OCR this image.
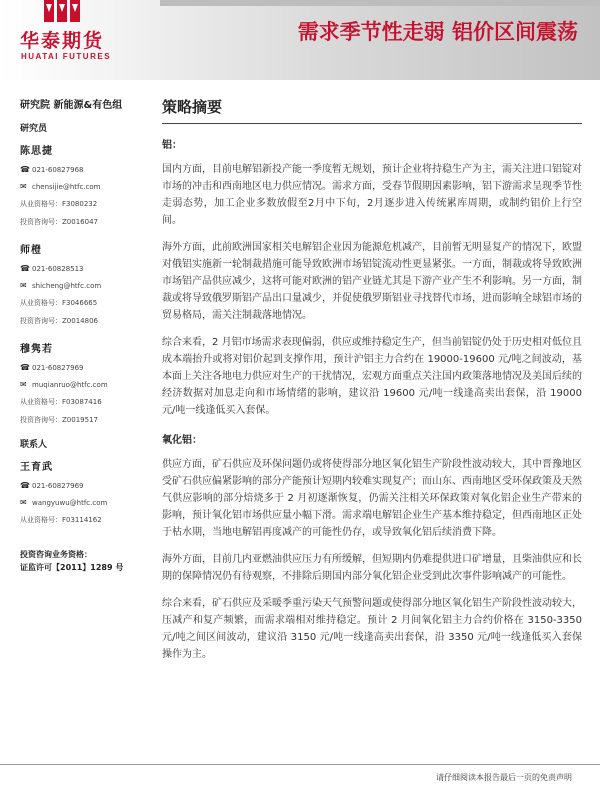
华泰期货
HUATAI FUTURES
需求季节性走弱 铝价区间震荡
研究院 新能源&有色组
研究员
陈思捷
☎ 021-60827968
✉ chensijie@htfc.com
从业资格号： F3080232
投资咨询号： Z0016047
师橙
☎ 021-60828513
✉ shicheng@htfc.com
从业资格号： F3046665
投资咨询号： Z0014806
穆隽若
☎ 021-60827969
✉ muqianruo@htfc.com
从业资格号： F03087416
投资咨询号： Z0019517
联系人
王育武
☎ 021-60827969
✉ wangyuwu@htfc.com
从业资格号： F03114162
投资咨询业务资格：
证监许可【2011】1289 号
策略摘要
铝：

国内方面，目前电解铝新投产能一季度暂无规划，预计企业将持稳生产为主，需关注进口铝锭对市场的冲击和西南地区电力供应情况。需求方面，受春节假期因素影响，铝下游需求呈现季节性走弱态势，加工企业多数放假至2月中下旬，2月逐步进入传统累库周期，或制约铝价上行空间。

海外方面，此前欧洲国家相关电解铝企业因为能源危机减产，目前暂无明显复产的情况下，欧盟对俄铝实施新一轮制裁措施可能导致欧洲市场铝锭流动性更显紧张。一方面，制裁或将导致欧洲市场铝产品供应减少，这将可能对欧洲的铝产业链尤其是下游产业产生不利影响。另一方面，制裁或将导致俄罗斯铝产品出口量减少，并促使俄罗斯铝业寻找替代市场，进而影响全球铝市场的贸易格局，需关注制裁落地情况。

综合来看，2 月铝市场需求表现偏弱，供应或维持稳定生产，但当前铝锭仍处于历史相对低位且成本端抬升或将对铝价起到支撑作用，预计沪铝主力合约在 19000-19600 元/吨之间波动，基本面上关注各地电力供应对生产的干扰情况，宏观方面重点关注国内政策落地情况及美国后续的经济数据对加息走向和市场情绪的影响，建议沿 19600 元/吨一线逢高卖出套保，沿 19000 元/吨一线逢低买入套保。

氧化铝：

供应方面，矿石供应及环保问题仍或将使得部分地区氧化铝生产阶段性波动较大，其中晋豫地区受矿石供应偏紧影响的部分产能预计短期内较难实现复产；而山东、西南地区受环保政策及天然气供应影响的部分焙烧多于 2 月初逐渐恢复，仍需关注相关环保政策对氧化铝企业生产带来的影响，预计氧化铝市场供应量小幅下滑。需求端电解铝企业生产基本维持稳定，但西南地区正处于枯水期，当地电解铝再度减产的可能性仍存，或导致氧化铝后续消费下降。

海外方面，目前几内亚燃油供应压力有所缓解，但短期内仍难提供进口矿增量，且柴油供应和长期的保障情况仍有待观察，不排除后期国内部分氧化铝企业受到此次事件影响减产的可能性。

综合来看，矿石供应及采暖季重污染天气预警问题或使得部分地区氧化铝生产阶段性波动较大，压减产和复产频繁，而需求端相对维持稳定。预计 2 月间氧化铝主力合约价格在 3150-3350 元/吨之间区间波动，建议沿 3150 元/吨一线逢高卖出套保，沿 3350 元/吨一线逢低买入套保操作为主。

请仔细阅读本报告最后一页的免责声明
